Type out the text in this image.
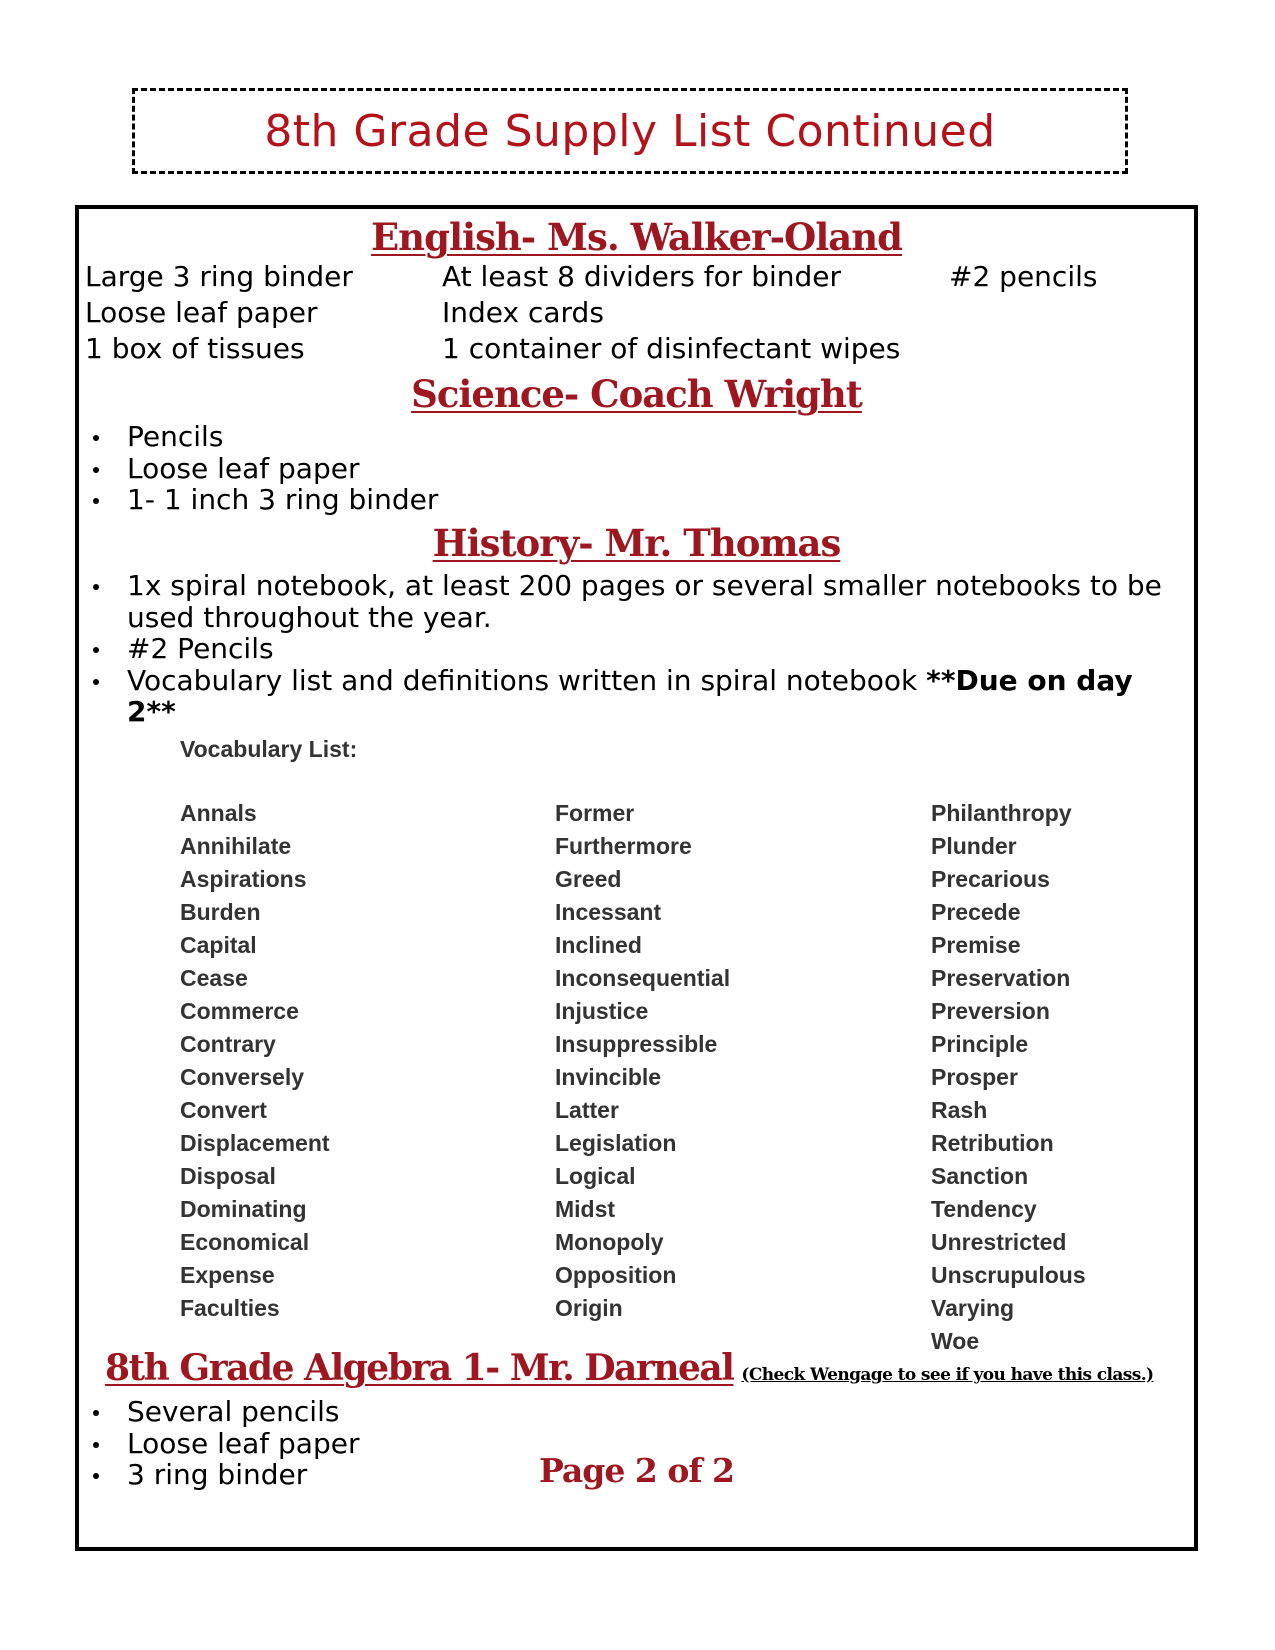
8th Grade Supply List Continued
English- Ms. Walker-Oland
Large 3 ring binder
Loose leaf paper
1 box of tissues
At least 8 dividers for binder
Index cards
1 container of disinfectant wipes
#2 pencils
Science- Coach Wright
Pencils
Loose leaf paper
1- 1 inch 3 ring binder
History- Mr. Thomas
1x spiral notebook, at least 200 pages or several smaller notebooks to be used throughout the year.
#2 Pencils
Vocabulary list and definitions written in spiral notebook **Due on day 2**
Vocabulary List:
Annals
Annihilate
Aspirations
Burden
Capital
Cease
Commerce
Contrary
Conversely
Convert
Displacement
Disposal
Dominating
Economical
Expense
Faculties
Former
Furthermore
Greed
Incessant
Inclined
Inconsequential
Injustice
Insuppressible
Invincible
Latter
Legislation
Logical
Midst
Monopoly
Opposition
Origin
Philanthropy
Plunder
Precarious
Precede
Premise
Preservation
Preversion
Principle
Prosper
Rash
Retribution
Sanction
Tendency
Unrestricted
Unscrupulous
Varying
Woe
8th Grade Algebra 1- Mr. Darneal (Check Wengage to see if you have this class.)
Several pencils
Loose leaf paper
3 ring binder	Page 2 of 2
